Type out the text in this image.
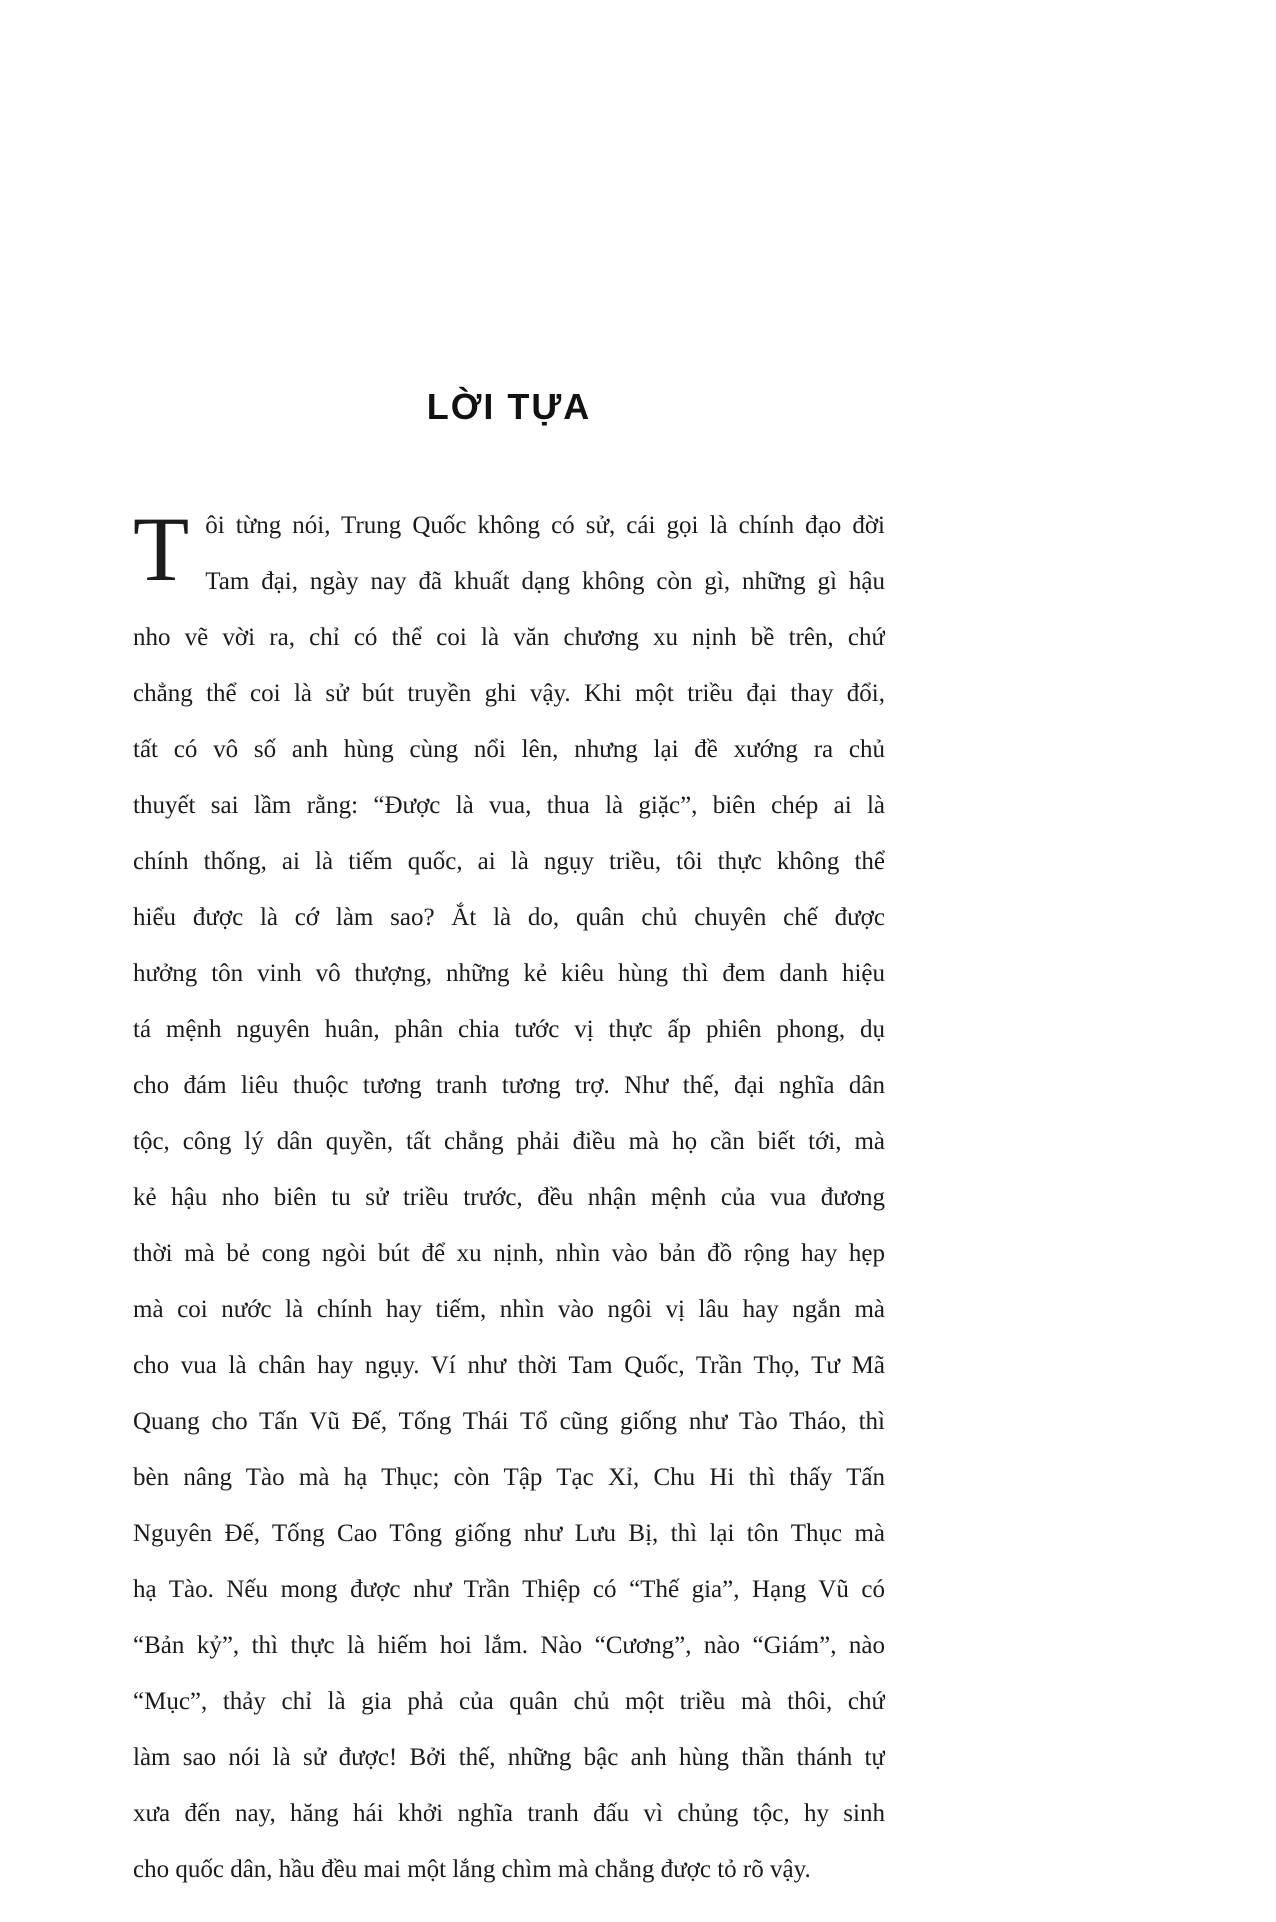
LỜI TỰA
T ôi từng nói, Trung Quốc không có sử, cái gọi là chính đạo đời
Tam đại, ngày nay đã khuất dạng không còn gì, những gì hậu
nho vẽ vời ra, chỉ có thể coi là văn chương xu nịnh bề trên, chứ
chẳng thể coi là sử bút truyền ghi vậy. Khi một triều đại thay đổi,
tất có vô số anh hùng cùng nổi lên, nhưng lại đề xướng ra chủ
thuyết sai lầm rằng: “Được là vua, thua là giặc”, biên chép ai là
chính thống, ai là tiếm quốc, ai là ngụy triều, tôi thực không thể
hiểu được là cớ làm sao? Ắt là do, quân chủ chuyên chế được
hưởng tôn vinh vô thượng, những kẻ kiêu hùng thì đem danh hiệu
tá mệnh nguyên huân, phân chia tước vị thực ấp phiên phong, dụ
cho đám liêu thuộc tương tranh tương trợ. Như thế, đại nghĩa dân
tộc, công lý dân quyền, tất chẳng phải điều mà họ cần biết tới, mà
kẻ hậu nho biên tu sử triều trước, đều nhận mệnh của vua đương
thời mà bẻ cong ngòi bút để xu nịnh, nhìn vào bản đồ rộng hay hẹp
mà coi nước là chính hay tiếm, nhìn vào ngôi vị lâu hay ngắn mà
cho vua là chân hay ngụy. Ví như thời Tam Quốc, Trần Thọ, Tư Mã
Quang cho Tấn Vũ Đế, Tống Thái Tổ cũng giống như Tào Tháo, thì
bèn nâng Tào mà hạ Thục; còn Tập Tạc Xỉ, Chu Hi thì thấy Tấn
Nguyên Đế, Tống Cao Tông giống như Lưu Bị, thì lại tôn Thục mà
hạ Tào. Nếu mong được như Trần Thiệp có “Thế gia”, Hạng Vũ có
“Bản kỷ”, thì thực là hiếm hoi lắm. Nào “Cương”, nào “Giám”, nào
“Mục”, thảy chỉ là gia phả của quân chủ một triều mà thôi, chứ
làm sao nói là sử được! Bởi thế, những bậc anh hùng thần thánh tự
xưa đến nay, hăng hái khởi nghĩa tranh đấu vì chủng tộc, hy sinh
cho quốc dân, hầu đều mai một lắng chìm mà chẳng được tỏ rõ vậy.
